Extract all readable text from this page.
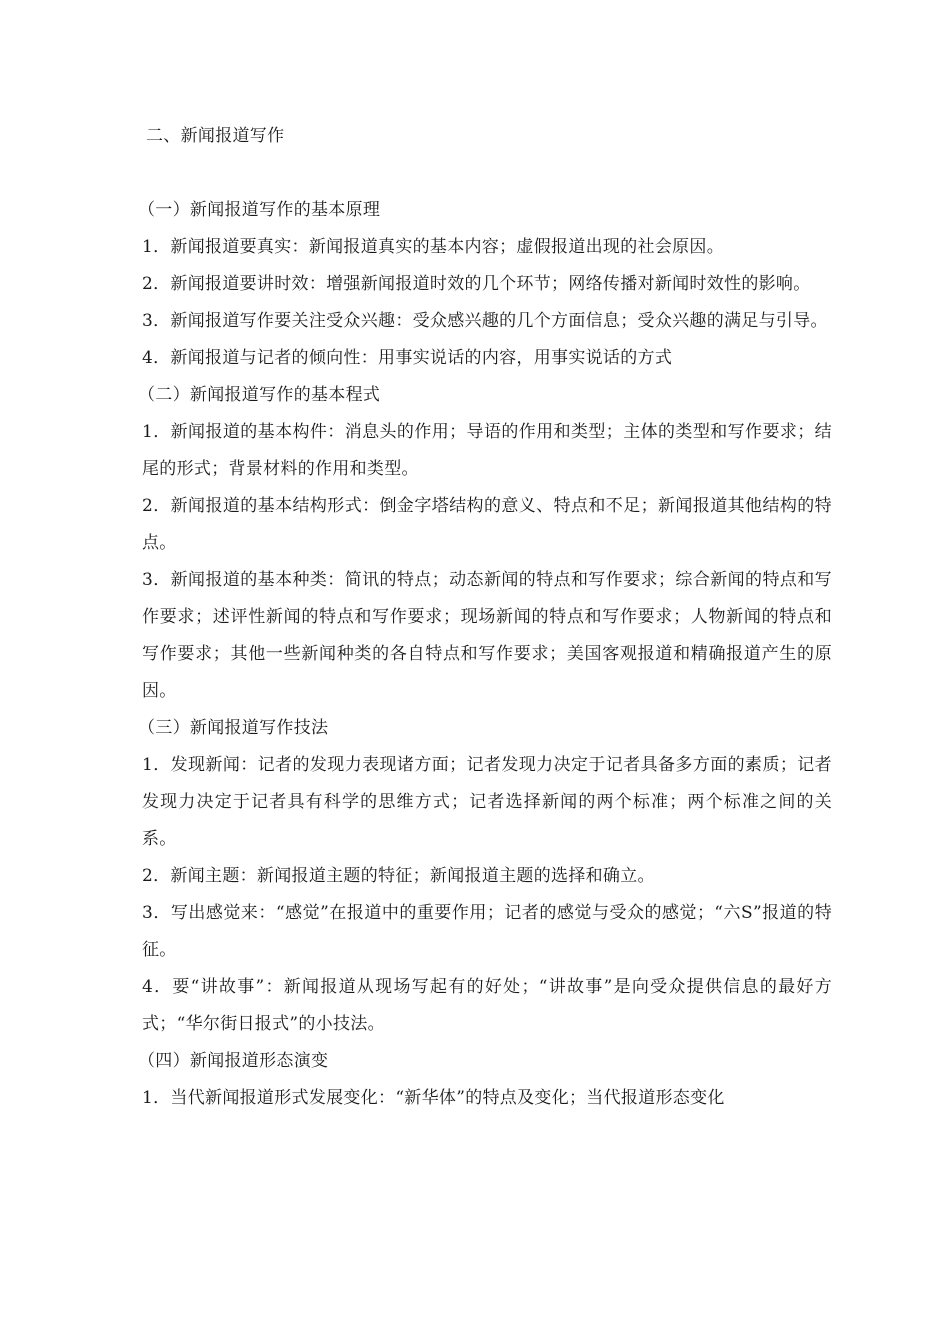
二、新闻报道写作

（一）新闻报道写作的基本原理

1．新闻报道要真实：新闻报道真实的基本内容；虚假报道出现的社会原因。

2．新闻报道要讲时效：增强新闻报道时效的几个环节；网络传播对新闻时效性的影响。

3．新闻报道写作要关注受众兴趣：受众感兴趣的几个方面信息；受众兴趣的满足与引导。

4．新闻报道与记者的倾向性：用事实说话的内容，用事实说话的方式

（二）新闻报道写作的基本程式

1．新闻报道的基本构件：消息头的作用；导语的作用和类型；主体的类型和写作要求；结尾的形式；背景材料的作用和类型。

2．新闻报道的基本结构形式：倒金字塔结构的意义、特点和不足；新闻报道其他结构的特点。

3．新闻报道的基本种类：简讯的特点；动态新闻的特点和写作要求；综合新闻的特点和写作要求；述评性新闻的特点和写作要求；现场新闻的特点和写作要求；人物新闻的特点和写作要求；其他一些新闻种类的各自特点和写作要求；美国客观报道和精确报道产生的原因。

（三）新闻报道写作技法

1．发现新闻：记者的发现力表现诸方面；记者发现力决定于记者具备多方面的素质；记者发现力决定于记者具有科学的思维方式；记者选择新闻的两个标准；两个标准之间的关系。

2．新闻主题：新闻报道主题的特征；新闻报道主题的选择和确立。

3．写出感觉来：“感觉”在报道中的重要作用；记者的感觉与受众的感觉；“六S”报道的特征。

4．要“讲故事”：新闻报道从现场写起有的好处；“讲故事”是向受众提供信息的最好方式；“华尔街日报式”的小技法。

（四）新闻报道形态演变

1．当代新闻报道形式发展变化：“新华体”的特点及变化；当代报道形态变化
